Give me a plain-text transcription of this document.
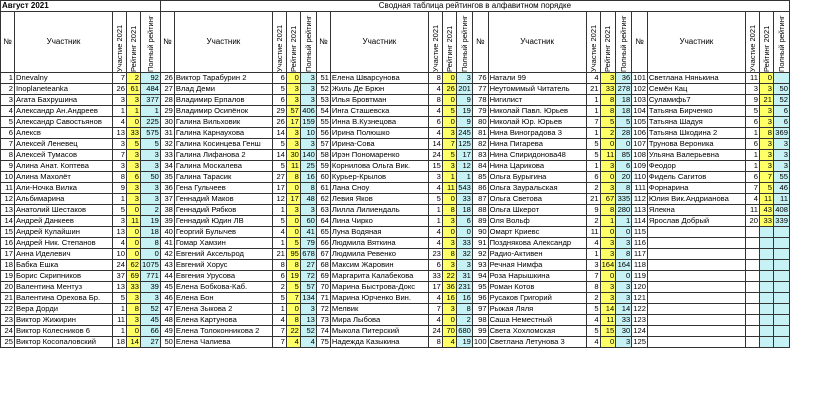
Август 2021					Сводная таблица рейтингов в алфавитном порядке																			
№	Участник	Участие 2021	Рейтинг 2021	Полный рейтинг	№	Участник	Участие 2021	Рейтинг 2021	Полный рейтинг	№	Участник	Участие 2021	Рейтинг 2021	Полный рейтинг	№	Участник	Участие 2021	Рейтинг 2021	Полный рейтинг	№	Участник	Участие 2021	Рейтинг 2021	Полный рейтинг

1	Dnevalny	7	2	92	26	Виктор Тарабурин 2	6	0	3	51	Елена Шварсунова	8	0	3	76	Натали 99	4	3	36	101	Светлана Нянькина	11	0	
2	Inoplaneteanka	26	61	484	27	Влад Деми	5	3	3	52	Жиль Де Брюн	4	26	201	77	Неутомимый Читатель	21	33	278	102	Семён Кац	3	3	50
3	Агата Бахрушина	3	3	377	28	Владимир Ерпалов	6	3	3	53	Илья Бровтман	8	0	9	78	Нигилист	1	8	18	103	Суламифь7	9	21	52
4	Александр Ан.Андреев	1	1	1	29	Владимир Осипёнок	29	57	406	54	Инга Сташевска	4	5	19	79	Николай Павл. Юрьев	1	8	18	104	Татьяна Бирченко	5	3	6
5	Александр Савостьянов	4	0	225	30	Галина Вильховик	26	17	159	55	Инна В.Кузнецова	6	0	9	80	Николай Юр. Юрьев	7	5	5	105	Татьяна Шадуя	6	3	6
6	Алексв	13	33	575	31	Галина Карнаухова	14	3	10	56	Ирина Полюшко	4	3	245	81	Нина Виноградова 3	1	2	28	106	Татьяна Шкодина 2	1	8	369
7	Алексей Леневец	3	5	5	32	Галина Косинцева Генш	5	3	3	57	Ирина-Сова	14	7	125	82	Нина Пигарева	5	0	0	107	Трунова Вероника	6	3	3
8	Алексей Тумасов	7	3	3	33	Галина Лифанова 2	14	30	140	58	Ирэн Пономаренко	24	5	17	83	Нина Спиридонова48	5	11	85	108	Ульяна Валерьевна	1	3	3
9	Алина Анат. Коптева	3	3	3	34	Галина Москалева	5	11	25	59	Корнилова Ольга Вик.	15	3	12	84	Нина Царикова	1	3	6	109	Феодор	1	3	3
10	Алина Махолёт	8	6	50	35	Галина Тарасик	27	8	16	60	Курьер-Крылов	3	1	1	85	Ольга Бурыгина	6	0	20	110	Фидель Сагитов	6	7	55
11	Али-Ночка Вилка	9	3	3	36	Гена Гульчеев	17	0	8	61	Лана Сноу	4	11	543	86	Ольга Зауральская	2	3	8	111	Форнарина	7	5	46
12	Альбимарина	1	3	3	37	Геннадий Маков	12	17	48	62	Левия Яков	5	0	33	87	Ольга Светова	21	67	335	112	Юлия Вик.Андрианова	4	11	11
13	Анатолий Шестаков	5	0	2	38	Геннадий Рябков	1	3	3	63	Лилла Лилиендаль	1	8	18	88	Ольга Шкерот	9	8	280	113	Ялекна	11	43	408
14	Андрей Данкеев	3	11	19	39	Геннадий Юдин ЛВ	5	0	60	64	Лина Чирко	1	3	6	89	Оля Вольф	2	1	1	114	Ярослав Добрый	20	33	339
15	Андрей Кулайшин	13	0	18	40	Георгий Булычев	4	0	41	65	Луна Водяная	4	0	0	90	Омарт Криевс	11	0	0	115				
16	Андрей Ник. Степанов	4	0	8	41	Гомар Хамзин	1	5	79	66	Людмила Вяткина	4	3	33	91	Позднякова Александр	4	3	3	116				
17	Анна Иделевич	10	0	0	42	Евгений Аксельрод	21	95	678	67	Людмила Ревенко	23	8	32	92	Радио-Активен	1	3	8	117				
18	Бабка Ешка	24	62	1075	43	Евгений Хорус	8	8	27	68	Максим Жаровин	6	3	3	93	Речная Нимфа	3	164	164	118				
19	Борис Скрипников	37	69	771	44	Евгения Урусова	6	19	72	69	Маргарита Калабекова	33	22	31	94	Роза Нарышкина	7	0	0	119				
20	Валентина Ментуз	13	33	39	45	Елена Бобкова-Каб.	2	5	57	70	Марина Быстрова-Докс	17	36	231	95	Роман Котов	8	3	3	120				
21	Валентина Орехова Бр.	5	3	3	46	Елена Бон	5	7	134	71	Марина Юрченко Вин.	4	16	16	96	Русаков Григорий	2	3	3	121				
22	Вера Дорди	1	8	52	47	Елена Зыкова 2	1	0	3	72	Мелвик	7	3	8	97	Рыжая Ляля	5	14	14	122				
23	Виктор Жижирин	11	3	45	48	Елена Картунова	4	8	13	73	Мира Лыбова	4	0	2	98	Саша Неместный	4	11	33	123				
24	Виктор Колесников 6	1	0	66	49	Елена Толоконникова 2	7	22	52	74	Мыкола Питерский	24	70	680	99	Света Хохломская	5	15	30	124				
25	Виктор Косопаловский	18	14	27	50	Елена Чалиева	7	4	4	75	Надежда Казыкина	8	4	19	100	Светлана Летунова 3	4	0	3	125				
